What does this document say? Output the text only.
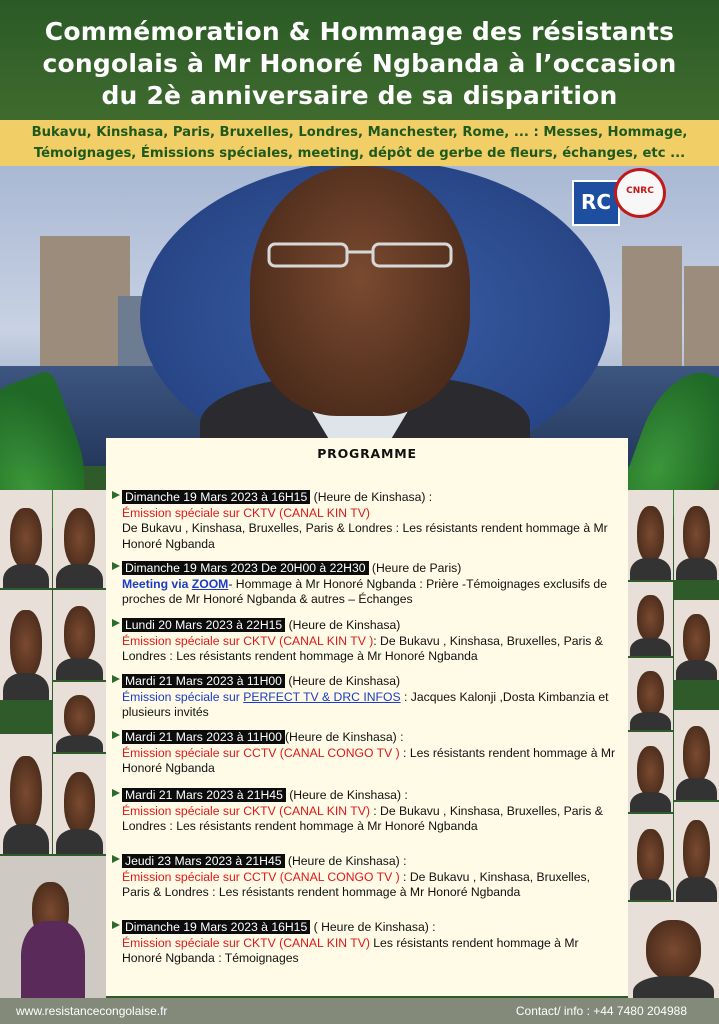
Commémoration & Hommage des résistants
congolais à Mr Honoré Ngbanda à l’occasion
du 2è anniversaire de sa disparition
Bukavu, Kinshasa, Paris, Bruxelles, Londres, Manchester, Rome, ... : Messes, Hommage,
Témoignages, Émissions spéciales, meeting, dépôt de gerbe de fleurs, échanges, etc ...
RC	CNRC
PROGRAMME
Dimanche 19 Mars 2023 à 16H15 (Heure de Kinshasa) :
Émission spéciale sur CKTV (CANAL KIN TV)
De Bukavu , Kinshasa, Bruxelles, Paris & Londres : Les résistants rendent hommage à Mr Honoré Ngbanda
Dimanche 19 Mars 2023 De 20H00 à 22H30 (Heure de Paris)
Meeting via ZOOM- Hommage à Mr Honoré Ngbanda : Prière -Témoignages exclusifs de proches de Mr Honoré Ngbanda & autres – Échanges
Lundi 20 Mars 2023 à 22H15 (Heure de Kinshasa)
Émission spéciale sur CKTV (CANAL KIN TV ): De Bukavu , Kinshasa, Bruxelles, Paris & Londres : Les résistants rendent hommage à Mr Honoré Ngbanda
Mardi 21 Mars 2023 à 11H00 (Heure de Kinshasa)
Émission spéciale sur PERFECT TV & DRC INFOS : Jacques Kalonji ,Dosta Kimbanzia et plusieurs invités
Mardi 21 Mars 2023 à 11H00 (Heure de Kinshasa) :
Émission spéciale sur CCTV (CANAL CONGO TV ) : Les résistants rendent hommage à Mr Honoré Ngbanda
Mardi 21 Mars 2023 à 21H45 (Heure de Kinshasa) :
Émission spéciale sur CKTV (CANAL KIN TV) : De Bukavu , Kinshasa, Bruxelles, Paris & Londres : Les résistants rendent hommage à Mr Honoré Ngbanda
Jeudi 23 Mars 2023 à 21H45 (Heure de Kinshasa) :
Émission spéciale sur CCTV (CANAL CONGO TV ) : De Bukavu , Kinshasa, Bruxelles, Paris & Londres : Les résistants rendent hommage à Mr Honoré Ngbanda
Dimanche 19 Mars 2023 à 16H15 ( Heure de Kinshasa) :
Émission spéciale sur CKTV (CANAL KIN TV) Les résistants rendent hommage à Mr Honoré Ngbanda : Témoignages
www.resistancecongolaise.fr	Contact/ info : +44 7480 204988
